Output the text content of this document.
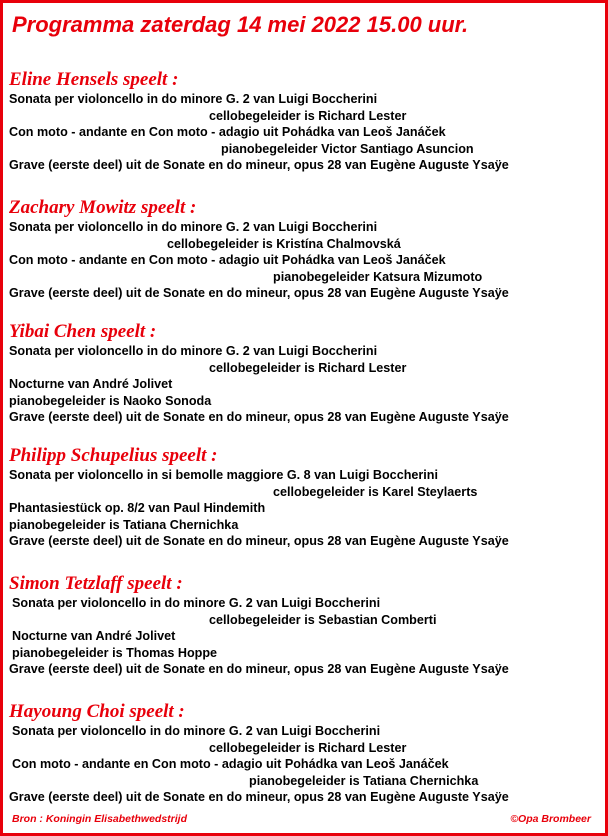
Programma zaterdag 14 mei 2022 15.00 uur.
Eline Hensels speelt :
Sonata per violoncello in do minore G. 2 van Luigi Boccherini
cellobegeleider is Richard Lester
Con moto - andante en Con moto - adagio uit Pohádka van Leoš Janáček
pianobegeleider Victor Santiago Asuncion
Grave (eerste deel) uit de Sonate en do mineur, opus 28 van Eugène Auguste Ysaÿe
Zachary Mowitz speelt :
Sonata per violoncello in do minore G. 2 van Luigi Boccherini
cellobegeleider is Kristína Chalmovská
Con moto - andante en Con moto - adagio uit Pohádka van Leoš Janáček
pianobegeleider Katsura Mizumoto
Grave (eerste deel) uit de Sonate en do mineur, opus 28 van Eugène Auguste Ysaÿe
Yibai Chen speelt :
Sonata per violoncello in do minore G. 2 van Luigi Boccherini
cellobegeleider is Richard Lester
Nocturne van André Jolivet
pianobegeleider is Naoko Sonoda
Grave (eerste deel) uit de Sonate en do mineur, opus 28 van Eugène Auguste Ysaÿe
Philipp Schupelius speelt :
Sonata per violoncello in si bemolle maggiore G. 8 van Luigi Boccherini
cellobegeleider is Karel Steylaerts
Phantasiestück op. 8/2 van Paul Hindemith
pianobegeleider is Tatiana Chernichka
Grave (eerste deel) uit de Sonate en do mineur, opus 28 van Eugène Auguste Ysaÿe
Simon Tetzlaff speelt :
Sonata per violoncello in do minore G. 2 van Luigi Boccherini
cellobegeleider is Sebastian Comberti
Nocturne van André Jolivet
pianobegeleider is Thomas Hoppe
Grave (eerste deel) uit de Sonate en do mineur, opus 28 van Eugène Auguste Ysaÿe
Hayoung Choi speelt :
Sonata per violoncello in do minore G. 2 van Luigi Boccherini
cellobegeleider is Richard Lester
Con moto - andante en Con moto - adagio uit Pohádka van Leoš Janáček
pianobegeleider is Tatiana Chernichka
Grave (eerste deel) uit de Sonate en do mineur, opus 28 van Eugène Auguste Ysaÿe
Bron : Koningin Elisabethwedstrijd	©Opa Brombeer
